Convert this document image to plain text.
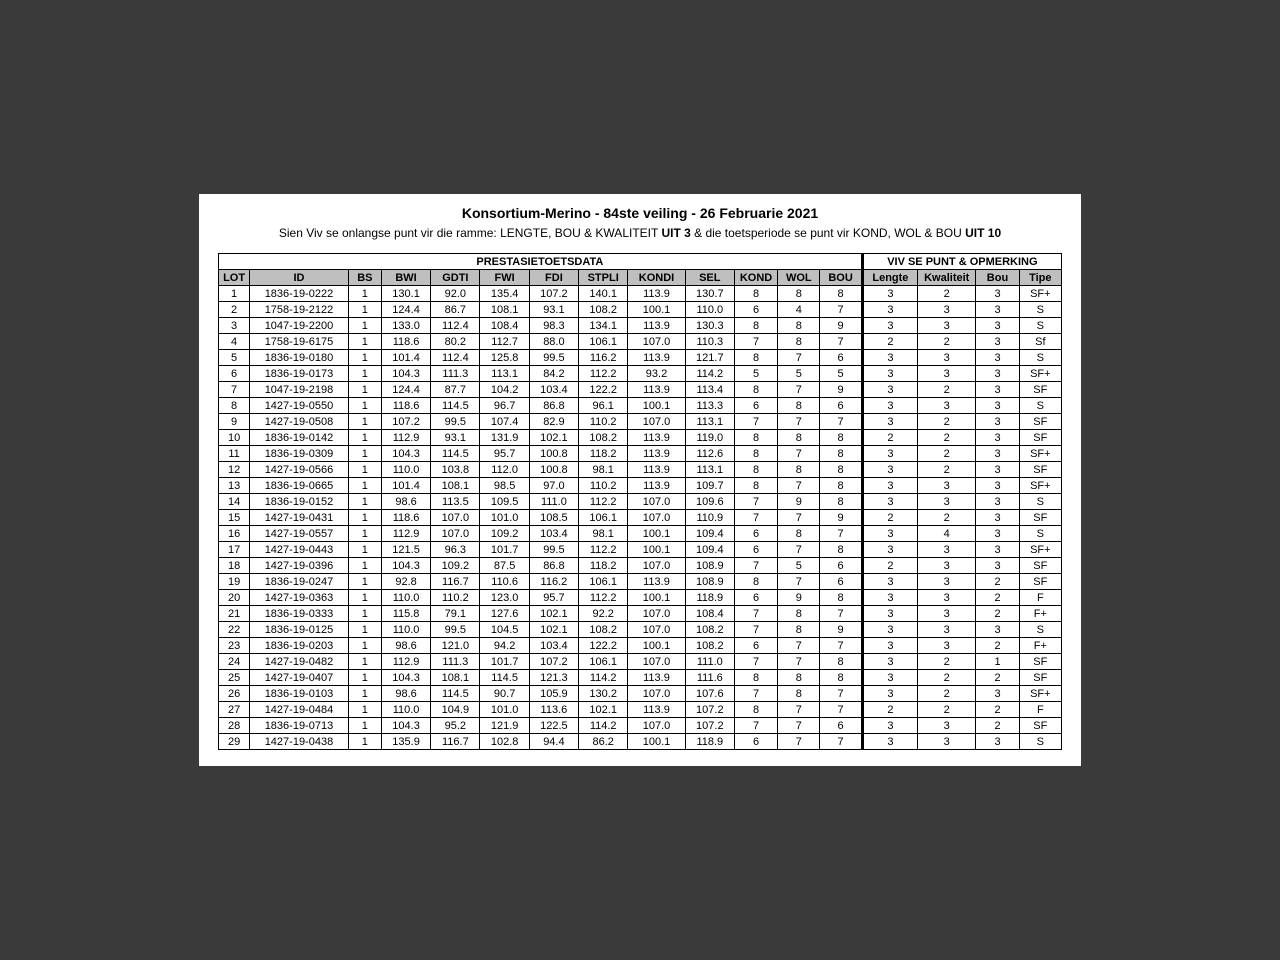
Konsortium-Merino - 84ste veiling - 26 Februarie 2021
Sien Viv se onlangse punt vir die ramme: LENGTE, BOU & KWALITEIT UIT 3 & die toetsperiode se punt vir KOND, WOL & BOU UIT 10
PRESTASIETOETSDATA													VIV SE PUNT & OPMERKING			
LOT	ID	BS	BWI	GDTI	FWI	FDI	STPLI	KONDI	SEL	KOND	WOL	BOU	Lengte	Kwaliteit	Bou	Tipe
1	1836-19-0222	1	130.1	92.0	135.4	107.2	140.1	113.9	130.7	8	8	8	3	2	3	SF+
2	1758-19-2122	1	124.4	86.7	108.1	93.1	108.2	100.1	110.0	6	4	7	3	3	3	S
3	1047-19-2200	1	133.0	112.4	108.4	98.3	134.1	113.9	130.3	8	8	9	3	3	3	S
4	1758-19-6175	1	118.6	80.2	112.7	88.0	106.1	107.0	110.3	7	8	7	2	2	3	Sf
5	1836-19-0180	1	101.4	112.4	125.8	99.5	116.2	113.9	121.7	8	7	6	3	3	3	S
6	1836-19-0173	1	104.3	111.3	113.1	84.2	112.2	93.2	114.2	5	5	5	3	3	3	SF+
7	1047-19-2198	1	124.4	87.7	104.2	103.4	122.2	113.9	113.4	8	7	9	3	2	3	SF
8	1427-19-0550	1	118.6	114.5	96.7	86.8	96.1	100.1	113.3	6	8	6	3	3	3	S
9	1427-19-0508	1	107.2	99.5	107.4	82.9	110.2	107.0	113.1	7	7	7	3	2	3	SF
10	1836-19-0142	1	112.9	93.1	131.9	102.1	108.2	113.9	119.0	8	8	8	2	2	3	SF
11	1836-19-0309	1	104.3	114.5	95.7	100.8	118.2	113.9	112.6	8	7	8	3	2	3	SF+
12	1427-19-0566	1	110.0	103.8	112.0	100.8	98.1	113.9	113.1	8	8	8	3	2	3	SF
13	1836-19-0665	1	101.4	108.1	98.5	97.0	110.2	113.9	109.7	8	7	8	3	3	3	SF+
14	1836-19-0152	1	98.6	113.5	109.5	111.0	112.2	107.0	109.6	7	9	8	3	3	3	S
15	1427-19-0431	1	118.6	107.0	101.0	108.5	106.1	107.0	110.9	7	7	9	2	2	3	SF
16	1427-19-0557	1	112.9	107.0	109.2	103.4	98.1	100.1	109.4	6	8	7	3	4	3	S
17	1427-19-0443	1	121.5	96.3	101.7	99.5	112.2	100.1	109.4	6	7	8	3	3	3	SF+
18	1427-19-0396	1	104.3	109.2	87.5	86.8	118.2	107.0	108.9	7	5	6	2	3	3	SF
19	1836-19-0247	1	92.8	116.7	110.6	116.2	106.1	113.9	108.9	8	7	6	3	3	2	SF
20	1427-19-0363	1	110.0	110.2	123.0	95.7	112.2	100.1	118.9	6	9	8	3	3	2	F
21	1836-19-0333	1	115.8	79.1	127.6	102.1	92.2	107.0	108.4	7	8	7	3	3	2	F+
22	1836-19-0125	1	110.0	99.5	104.5	102.1	108.2	107.0	108.2	7	8	9	3	3	3	S
23	1836-19-0203	1	98.6	121.0	94.2	103.4	122.2	100.1	108.2	6	7	7	3	3	2	F+
24	1427-19-0482	1	112.9	111.3	101.7	107.2	106.1	107.0	111.0	7	7	8	3	2	1	SF
25	1427-19-0407	1	104.3	108.1	114.5	121.3	114.2	113.9	111.6	8	8	8	3	2	2	SF
26	1836-19-0103	1	98.6	114.5	90.7	105.9	130.2	107.0	107.6	7	8	7	3	2	3	SF+
27	1427-19-0484	1	110.0	104.9	101.0	113.6	102.1	113.9	107.2	8	7	7	2	2	2	F
28	1836-19-0713	1	104.3	95.2	121.9	122.5	114.2	107.0	107.2	7	7	6	3	3	2	SF
29	1427-19-0438	1	135.9	116.7	102.8	94.4	86.2	100.1	118.9	6	7	7	3	3	3	S
